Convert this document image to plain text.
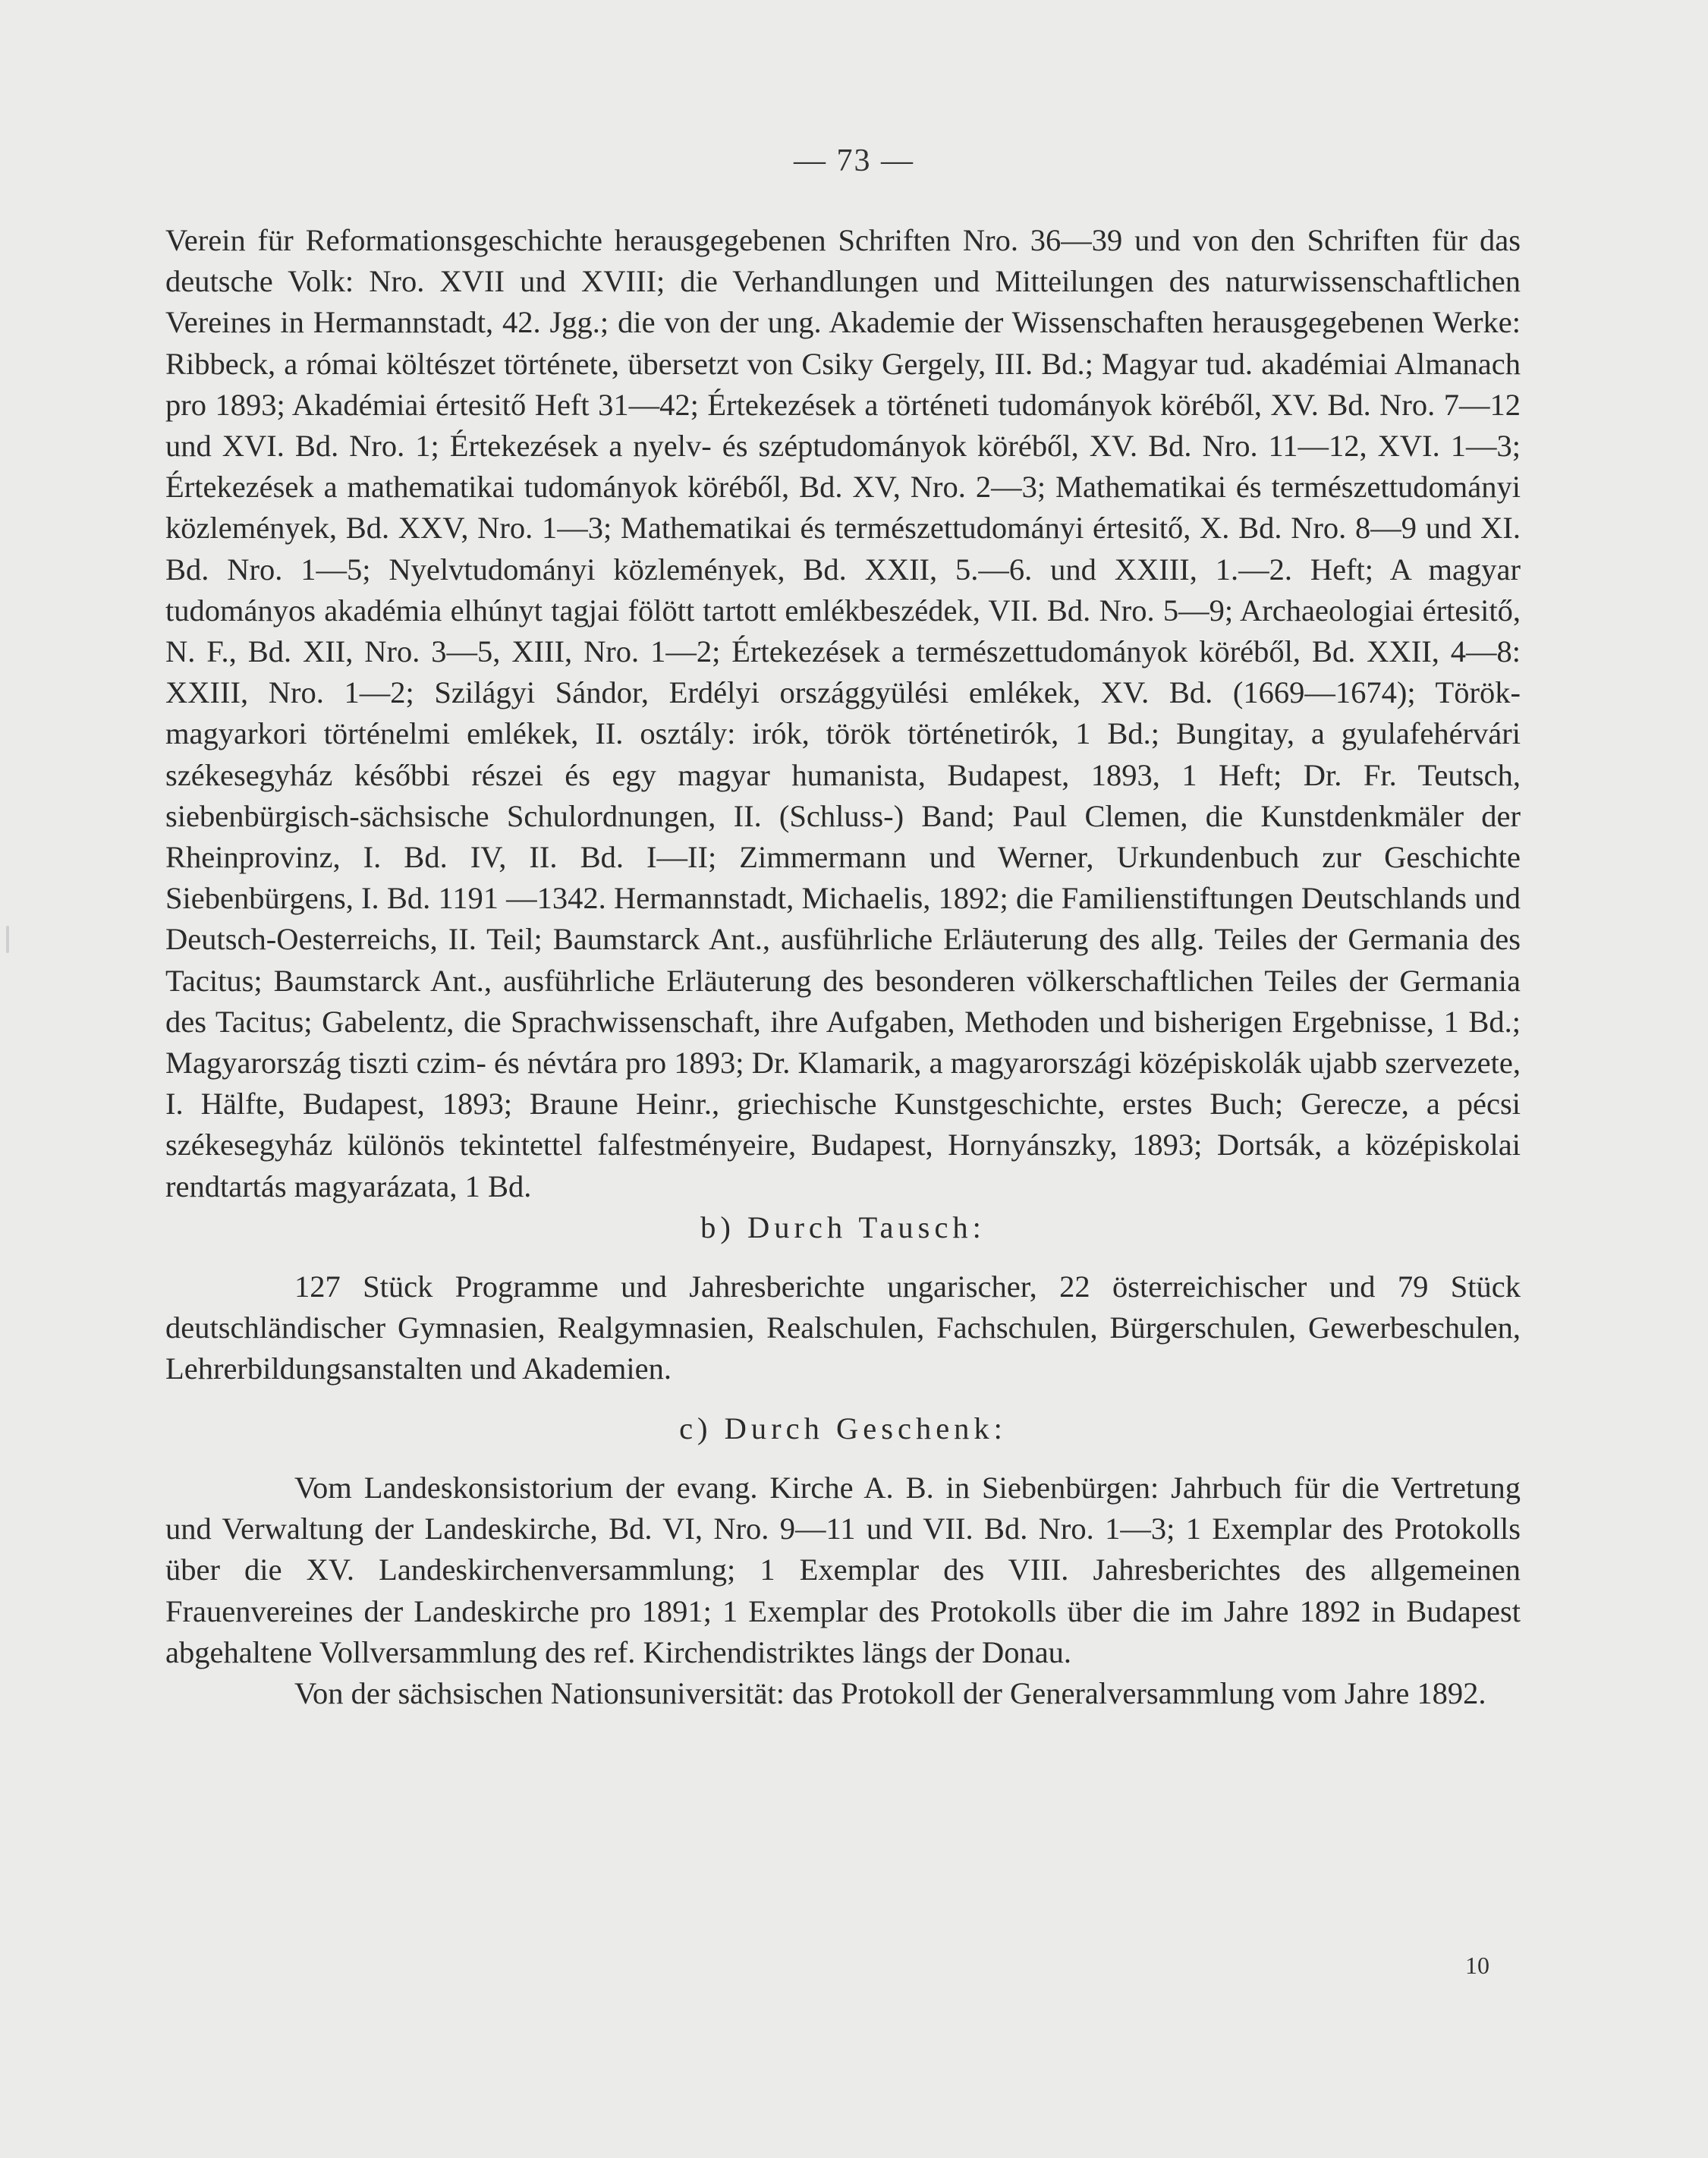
— 73 —

Verein für Reformationsgeschichte herausgegebenen Schriften Nro. 36—39 und von den Schriften für das deutsche Volk: Nro. XVII und XVIII; die Verhandlungen und Mitteilungen des naturwissenschaftlichen Vereines in Hermannstadt, 42. Jgg.; die von der ung. Akademie der Wissenschaften herausgegebenen Werke: Ribbeck, a római költészet története, übersetzt von Csiky Gergely, III. Bd.; Magyar tud. akadémiai Almanach pro 1893; Akadémiai értesitő Heft 31—42; Értekezések a történeti tudományok köréből, XV. Bd. Nro. 7—12 und XVI. Bd. Nro. 1; Értekezések a nyelv- és széptudományok köréből, XV. Bd. Nro. 11—12, XVI. 1—3; Értekezések a mathematikai tudományok köréből, Bd. XV, Nro. 2—3; Mathematikai és természettudományi közlemények, Bd. XXV, Nro. 1—3; Mathematikai és természettudományi értesitő, X. Bd. Nro. 8—9 und XI. Bd. Nro. 1—5; Nyelvtudományi közlemények, Bd. XXII, 5.—6. und XXIII, 1.—2. Heft; A magyar tudományos akadémia elhúnyt tagjai fölött tartott emlékbeszédek, VII. Bd. Nro. 5—9; Archaeologiai értesitő, N. F., Bd. XII, Nro. 3—5, XIII, Nro. 1—2; Értekezések a természettudományok köréből, Bd. XXII, 4—8: XXIII, Nro. 1—2; Szilágyi Sándor, Erdélyi országgyülési emlékek, XV. Bd. (1669—1674); Török-magyarkori történelmi emlékek, II. osztály: irók, török történetirók, 1 Bd.; Bungitay, a gyulafehérvári székesegyház későbbi részei és egy magyar humanista, Budapest, 1893, 1 Heft; Dr. Fr. Teutsch, siebenbürgisch-sächsische Schulordnungen, II. (Schluss-) Band; Paul Clemen, die Kunstdenkmäler der Rheinprovinz, I. Bd. IV, II. Bd. I—II; Zimmermann und Werner, Urkundenbuch zur Geschichte Siebenbürgens, I. Bd. 1191 —1342. Hermannstadt, Michaelis, 1892; die Familienstiftungen Deutschlands und Deutsch-Oesterreichs, II. Teil; Baumstarck Ant., ausführliche Erläuterung des allg. Teiles der Germania des Tacitus; Baumstarck Ant., ausführliche Erläuterung des besonderen völkerschaftlichen Teiles der Germania des Tacitus; Gabelentz, die Sprachwissenschaft, ihre Aufgaben, Methoden und bisherigen Ergebnisse, 1 Bd.; Magyarország tiszti czim- és névtára pro 1893; Dr. Klamarik, a magyarországi középiskolák ujabb szervezete, I. Hälfte, Budapest, 1893; Braune Heinr., griechische Kunstgeschichte, erstes Buch; Gerecze, a pécsi székesegyház különös tekintettel falfestményeire, Budapest, Hornyánszky, 1893; Dortsák, a középiskolai rendtartás magyarázata, 1 Bd.

b) Durch Tausch:

127 Stück Programme und Jahresberichte ungarischer, 22 österreichischer und 79 Stück deutschländischer Gymnasien, Realgymnasien, Realschulen, Fachschulen, Bürgerschulen, Gewerbeschulen, Lehrerbildungsanstalten und Akademien.

c) Durch Geschenk:

Vom Landeskonsistorium der evang. Kirche A. B. in Siebenbürgen: Jahrbuch für die Vertretung und Verwaltung der Landeskirche, Bd. VI, Nro. 9—11 und VII. Bd. Nro. 1—3; 1 Exemplar des Protokolls über die XV. Landeskirchenversammlung; 1 Exemplar des VIII. Jahresberichtes des allgemeinen Frauenvereines der Landeskirche pro 1891; 1 Exemplar des Protokolls über die im Jahre 1892 in Budapest abgehaltene Vollversammlung des ref. Kirchendistriktes längs der Donau.

Von der sächsischen Nationsuniversität: das Protokoll der Generalversammlung vom Jahre 1892.

10
